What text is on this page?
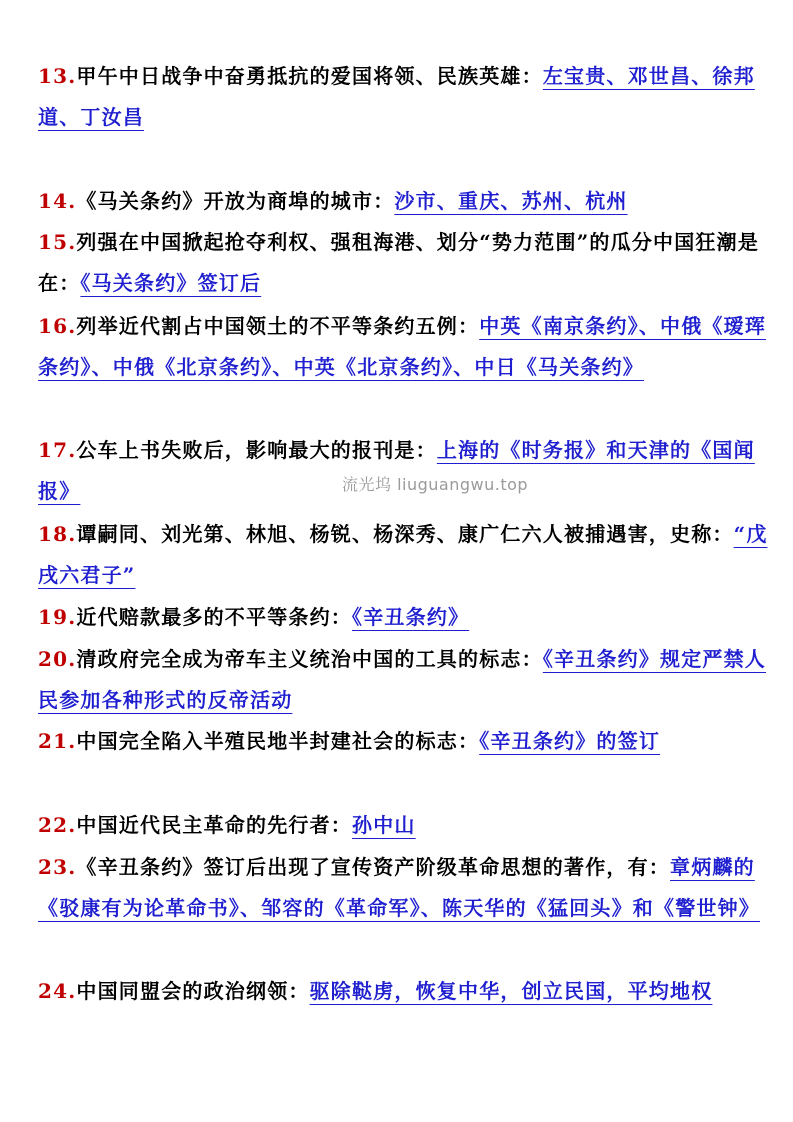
13.甲午中日战争中奋勇抵抗的爱国将领、民族英雄：左宝贵、邓世昌、徐邦道、丁汝昌
14.《马关条约》开放为商埠的城市：沙市、重庆、苏州、杭州
15.列强在中国掀起抢夺利权、强租海港、划分“势力范围”的瓜分中国狂潮是在：《马关条约》签订后
16.列举近代割占中国领土的不平等条约五例：中英《南京条约》、中俄《瑷珲条约》、中俄《北京条约》、中英《北京条约》、中日《马关条约》
17.公车上书失败后，影响最大的报刊是：上海的《时务报》和天津的《国闻报》
18.谭嗣同、刘光第、林旭、杨锐、杨深秀、康广仁六人被捕遇害，史称：“戊戌六君子”
19.近代赔款最多的不平等条约：《辛丑条约》
20.清政府完全成为帝车主义统治中国的工具的标志：《辛丑条约》规定严禁人民参加各种形式的反帝活动
21.中国完全陷入半殖民地半封建社会的标志：《辛丑条约》的签订
22.中国近代民主革命的先行者：孙中山
23.《辛丑条约》签订后出现了宣传资产阶级革命思想的著作，有：章炳麟的《驳康有为论革命书》、邹容的《革命军》、陈天华的《猛回头》和《警世钟》
24.中国同盟会的政治纲领：驱除鞑虏，恢复中华，创立民国，平均地权
流光坞 liuguangwu.top
